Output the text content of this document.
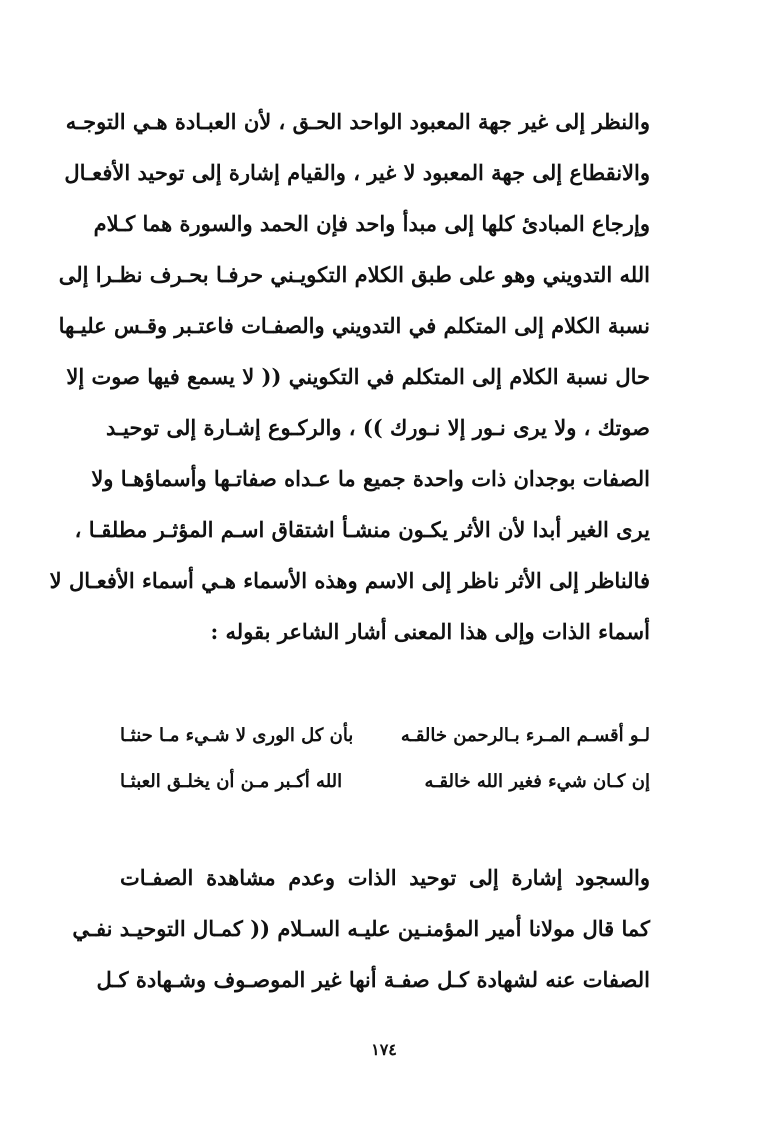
والنظر إلى غير جهة المعبود الواحد الحـق ، لأن العبـادة هـي التوجـه
والانقطاع إلى جهة المعبود لا غير ، والقيام إشارة إلى توحيد الأفعـال
وإرجاع المبادئ كلها إلى مبدأ واحد فإن الحمد والسورة هما كـلام
الله التدويني وهو على طبق الكلام التكويـني حرفـا بحـرف نظـرا إلى
نسبة الكلام إلى المتكلم في التدويني والصفـات فاعتـبر وقـس عليـها
حال نسبة الكلام إلى المتكلم في التكويني (( لا يسمع فيها صوت إلا
صوتك ، ولا يرى نـور إلا نـورك )) ، والركـوع إشـارة إلى توحيـد
الصفات بوجدان ذات واحدة جميع ما عـداه صفاتـها وأسماؤهـا ولا
يرى الغير أبدا لأن الأثر يكـون منشـأ اشتقاق اسـم المؤثـر مطلقـا ،
فالناظر إلى الأثر ناظر إلى الاسم وهذه الأسماء هـي أسماء الأفعـال لا
أسماء الذات وإلى هذا المعنى أشار الشاعر بقوله :
لـو أقسـم المـرء بـالرحمن خالقـه
بأن كل الورى لا شـيء مـا حنثـا
إن كـان شيء فغير الله خالقـه
الله أكـبر مـن أن يخلـق العبثـا
والسجود إشارة إلى توحيد الذات وعدم مشاهدة الصفـات
كما قال مولانا أمير المؤمنـين عليـه السـلام (( كمـال التوحيـد نفـي
الصفات عنه لشهادة كـل صفـة أنها غير الموصـوف وشـهادة كـل
١٧٤
